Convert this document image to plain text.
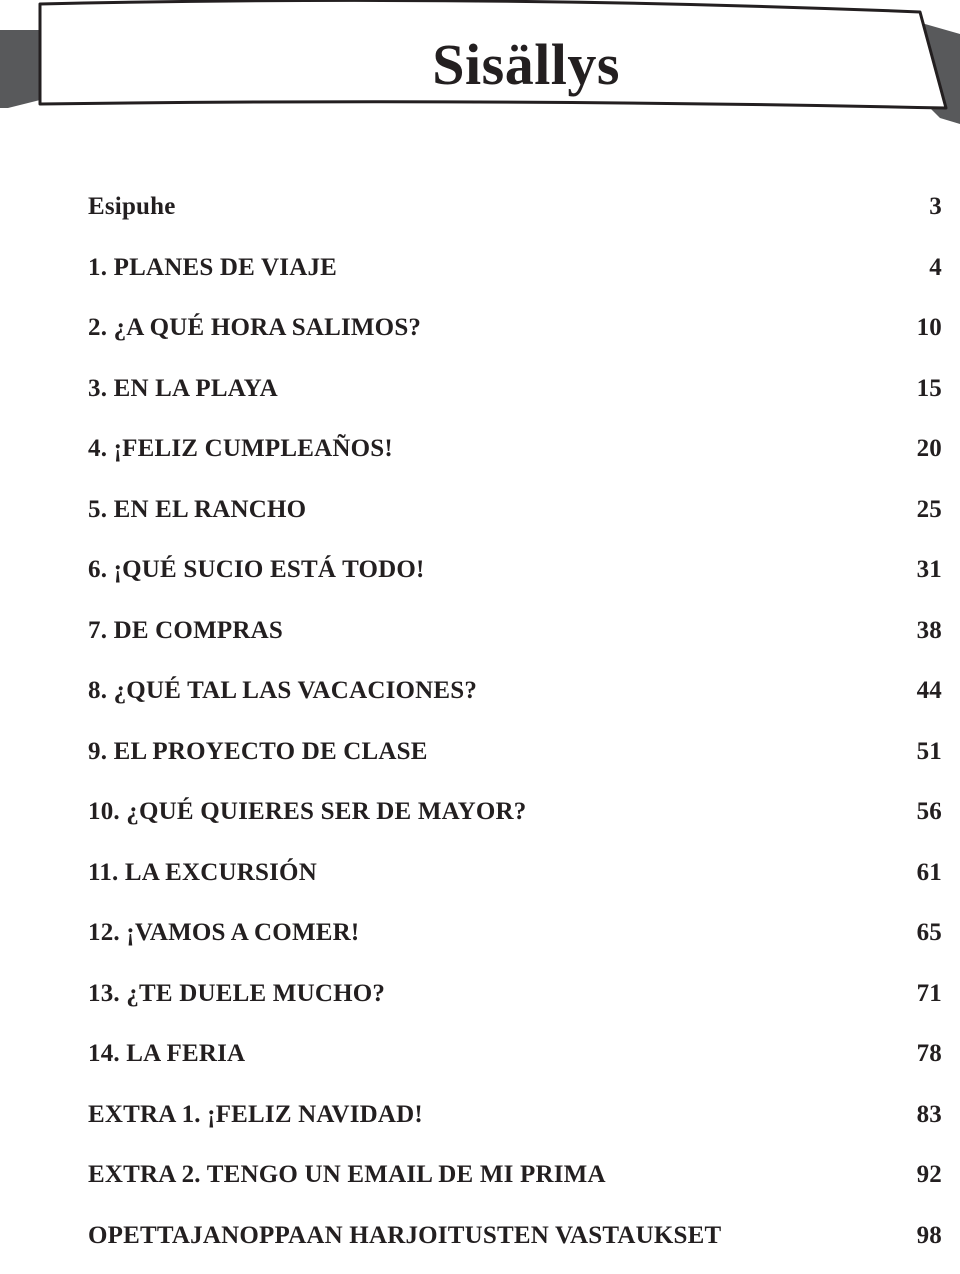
Sisällys
Esipuhe	3
1. PLANES DE VIAJE	4
2. ¿A QUÉ HORA SALIMOS?	10
3. EN LA PLAYA	15
4. ¡FELIZ CUMPLEAÑOS!	20
5. EN EL RANCHO	25
6. ¡QUÉ SUCIO ESTÁ TODO!	31
7. DE COMPRAS	38
8. ¿QUÉ TAL LAS VACACIONES?	44
9. EL PROYECTO DE CLASE	51
10. ¿QUÉ QUIERES SER DE MAYOR?	56
11. LA EXCURSIÓN	61
12. ¡VAMOS A COMER!	65
13. ¿TE DUELE MUCHO?	71
14. LA FERIA	78
EXTRA 1. ¡FELIZ NAVIDAD!	83
EXTRA 2. TENGO UN EMAIL DE MI PRIMA	92
OPETTAJANOPPAAN HARJOITUSTEN VASTAUKSET	98
